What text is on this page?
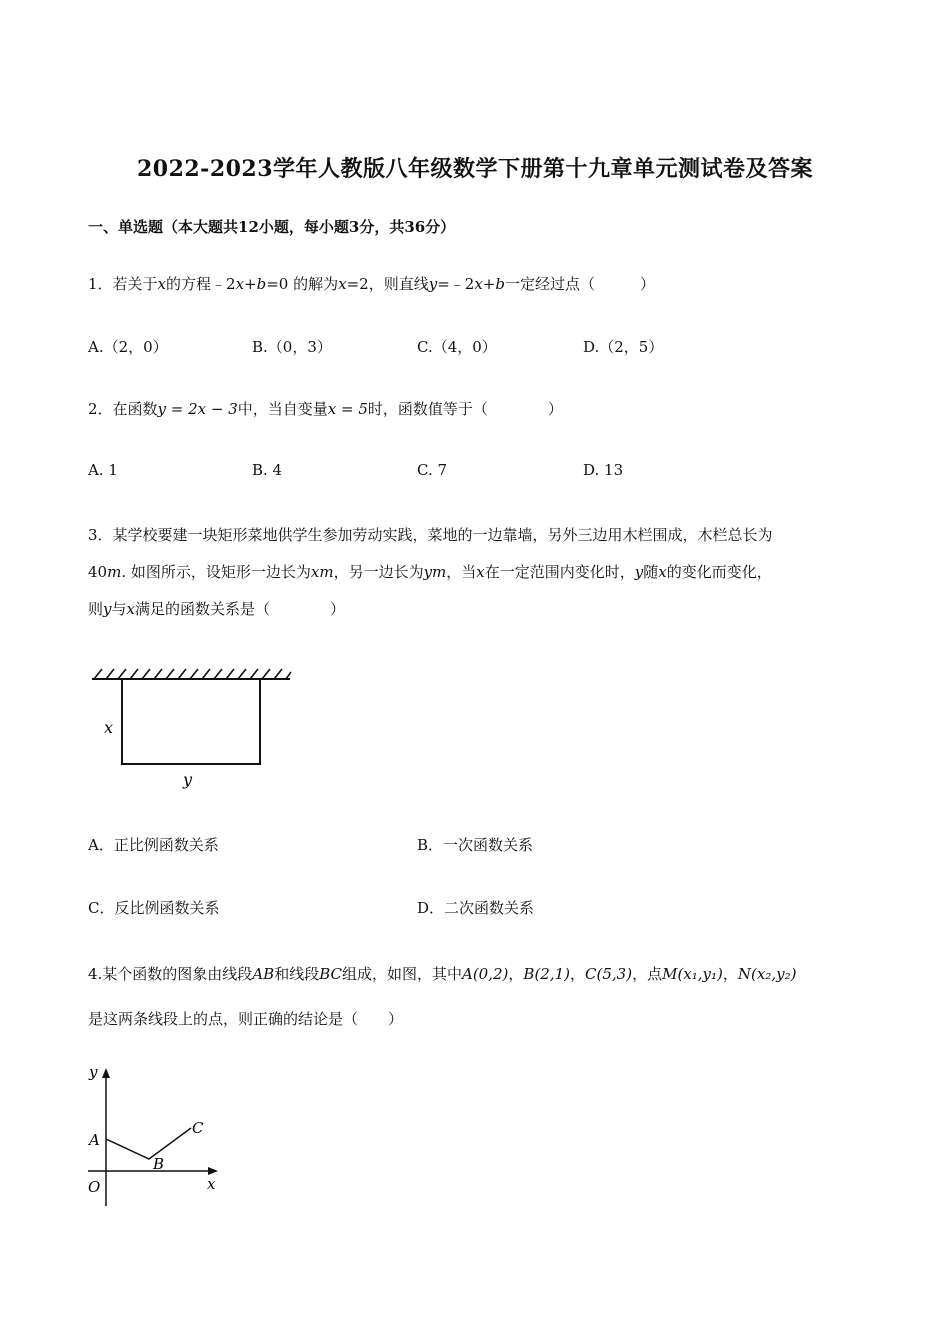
2022-2023学年人教版八年级数学下册第十九章单元测试卷及答案
一、单选题（本大题共12小题，每小题3分，共36分）
1．若关于x的方程﹣2x+b=0 的解为x=2，则直线y=﹣2x+b一定经过点（　　　）
A.（2，0）	B.（0，3）	C.（4，0）	D.（2，5）
2．在函数y = 2x − 3中，当自变量x = 5时，函数值等于（　　　　）
A. 1	B. 4	C. 7	D. 13
3．某学校要建一块矩形菜地供学生参加劳动实践，菜地的一边靠墙，另外三边用木栏围成，木栏总长为
40m. 如图所示，设矩形一边长为xm，另一边长为ym，当x在一定范围内变化时，y随x的变化而变化，
则y与x满足的函数关系是（　　　　）
x
y
A．正比例函数关系	B．一次函数关系
C．反比例函数关系	D．二次函数关系
4.某个函数的图象由线段AB和线段BC组成，如图，其中A(0,2)，B(2,1)，C(5,3)，点M(x₁,y₁)，N(x₂,y₂)
是这两条线段上的点，则正确的结论是（　　）
y
x
O
A
B
C
